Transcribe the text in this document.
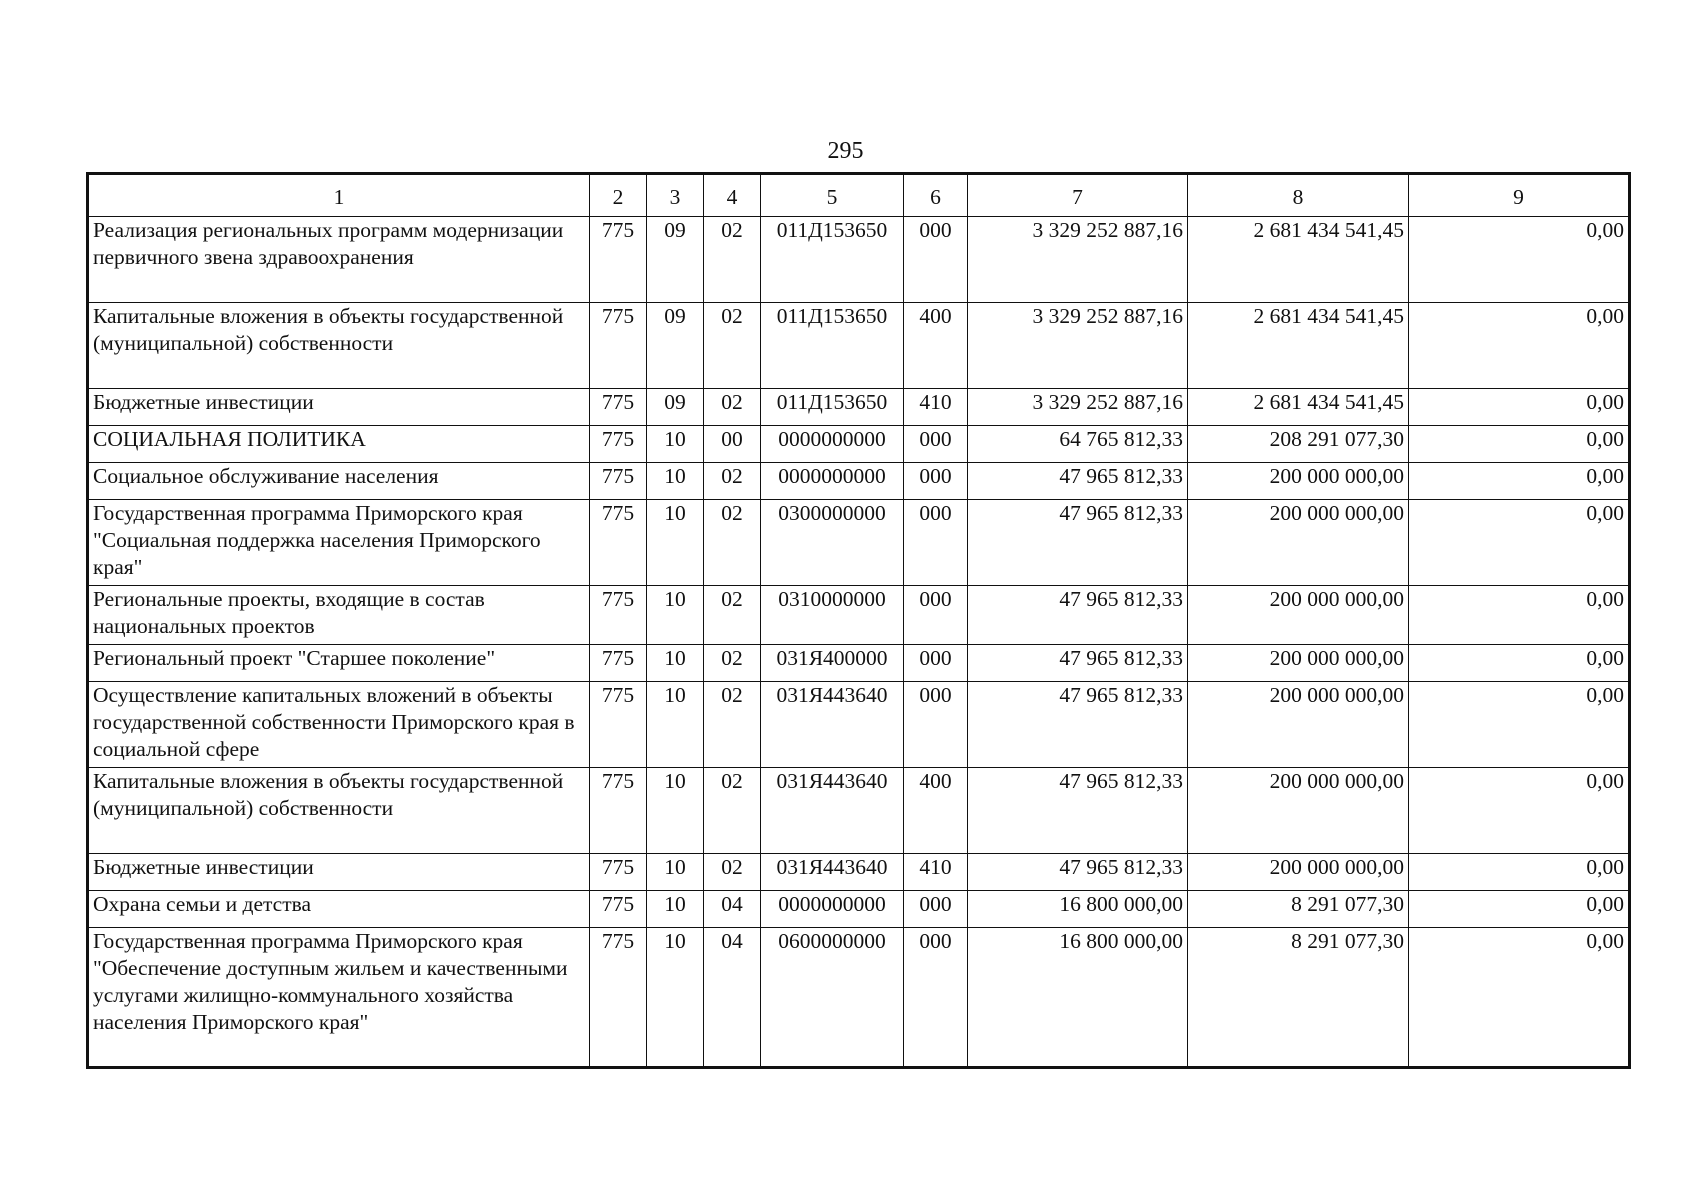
295
1	2	3	4	5	6	7	8	9
Реализация региональных программ модернизации первичного звена здравоохранения	775	09	02	011Д153650	000	3 329 252 887,16	2 681 434 541,45	0,00
Капитальные вложения в объекты государственной (муниципальной) собственности	775	09	02	011Д153650	400	3 329 252 887,16	2 681 434 541,45	0,00
Бюджетные инвестиции	775	09	02	011Д153650	410	3 329 252 887,16	2 681 434 541,45	0,00
СОЦИАЛЬНАЯ ПОЛИТИКА	775	10	00	0000000000	000	64 765 812,33	208 291 077,30	0,00
Социальное обслуживание населения	775	10	02	0000000000	000	47 965 812,33	200 000 000,00	0,00
Государственная программа Приморского края "Социальная поддержка населения Приморского края"	775	10	02	0300000000	000	47 965 812,33	200 000 000,00	0,00
Региональные проекты, входящие в состав национальных проектов	775	10	02	0310000000	000	47 965 812,33	200 000 000,00	0,00
Региональный проект "Старшее поколение"	775	10	02	031Я400000	000	47 965 812,33	200 000 000,00	0,00
Осуществление капитальных вложений в объекты государственной собственности Приморского края в социальной сфере	775	10	02	031Я443640	000	47 965 812,33	200 000 000,00	0,00
Капитальные вложения в объекты государственной (муниципальной) собственности	775	10	02	031Я443640	400	47 965 812,33	200 000 000,00	0,00
Бюджетные инвестиции	775	10	02	031Я443640	410	47 965 812,33	200 000 000,00	0,00
Охрана семьи и детства	775	10	04	0000000000	000	16 800 000,00	8 291 077,30	0,00
Государственная программа Приморского края "Обеспечение доступным жильем и качественными услугами жилищно-коммунального хозяйства населения Приморского края"	775	10	04	0600000000	000	16 800 000,00	8 291 077,30	0,00
